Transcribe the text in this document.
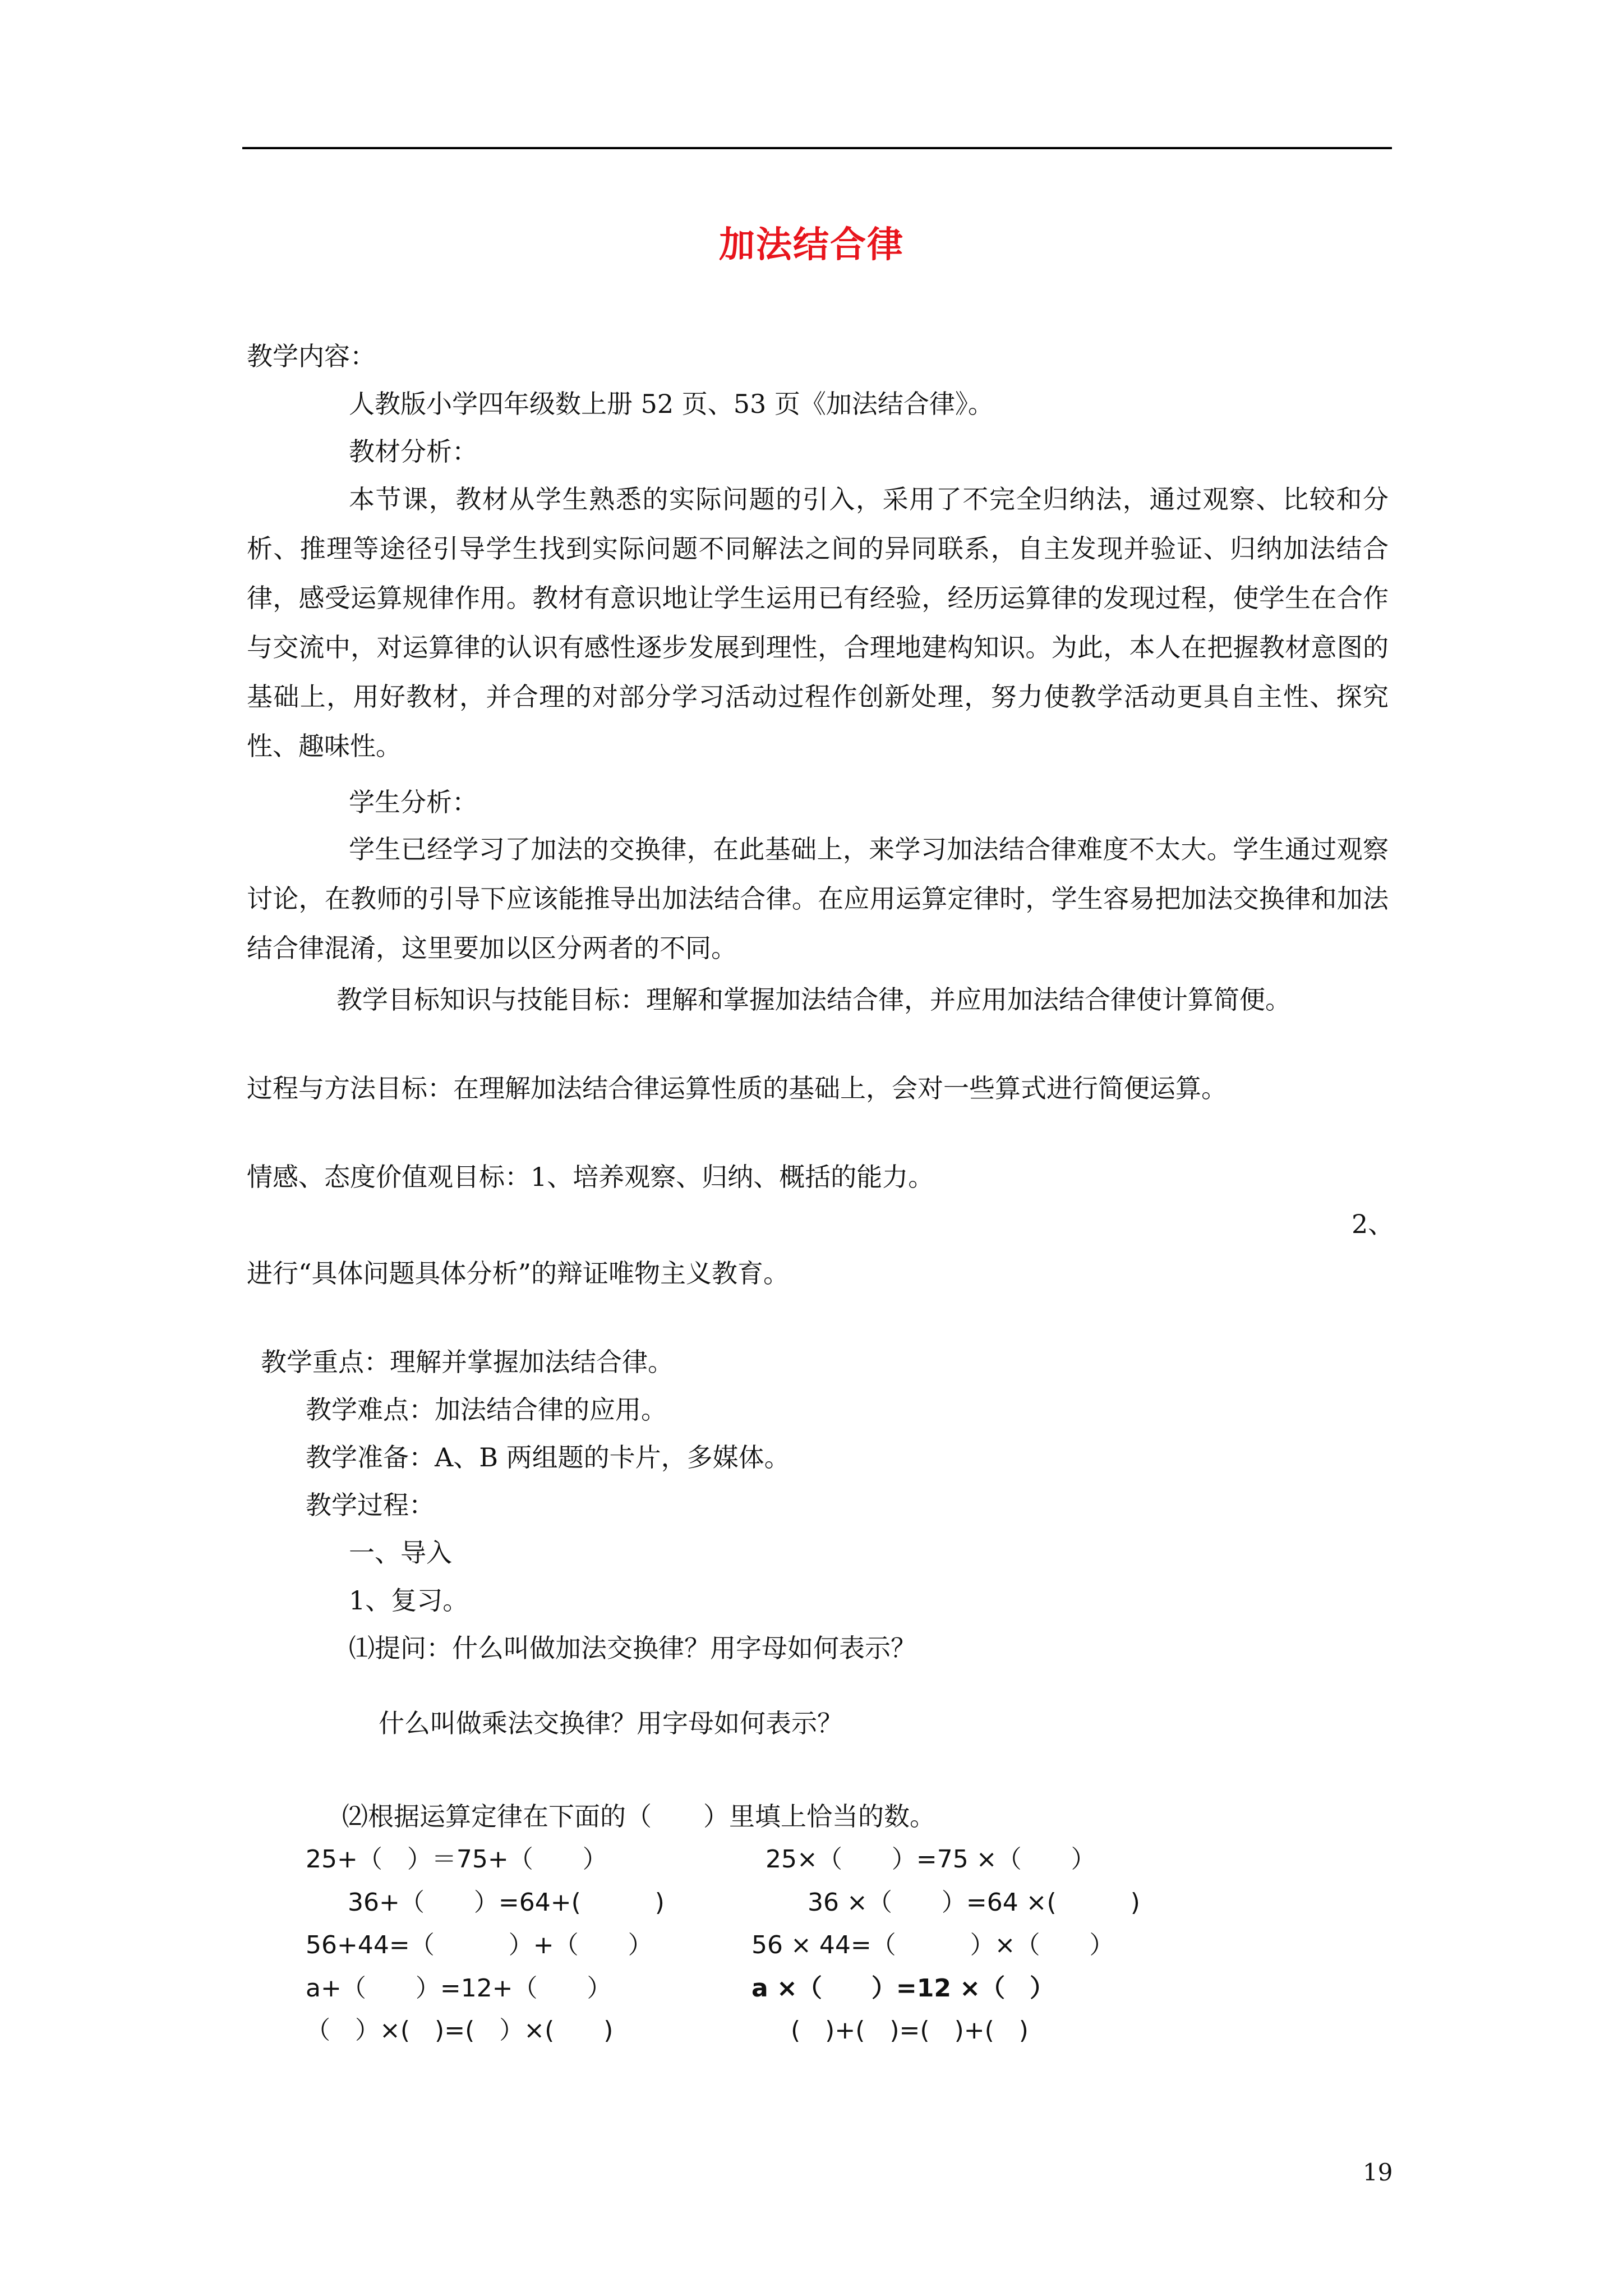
加法结合律
教学内容：
人教版小学四年级数上册 52 页、53 页《加法结合律》。
教材分析：
本节课，教材从学生熟悉的实际问题的引入，采用了不完全归纳法，通过观察、比较和分析、推理等途径引导学生找到实际问题不同解法之间的异同联系，自主发现并验证、归纳加法结合律，感受运算规律作用。教材有意识地让学生运用已有经验，经历运算律的发现过程，使学生在合作与交流中，对运算律的认识有感性逐步发展到理性，合理地建构知识。为此，本人在把握教材意图的基础上，用好教材，并合理的对部分学习活动过程作创新处理，努力使教学活动更具自主性、探究性、趣味性。
学生分析：
学生已经学习了加法的交换律，在此基础上，来学习加法结合律难度不太大。学生通过观察讨论，在教师的引导下应该能推导出加法结合律。在应用运算定律时，学生容易把加法交换律和加法结合律混淆，这里要加以区分两者的不同。
教学目标知识与技能目标：理解和掌握加法结合律，并应用加法结合律使计算简便。
过程与方法目标：在理解加法结合律运算性质的基础上，会对一些算式进行简便运算。
情感、态度价值观目标：1、培养观察、归纳、概括的能力。
2、
进行“具体问题具体分析”的辩证唯物主义教育。
教学重点：理解并掌握加法结合律。
教学难点：加法结合律的应用。
教学准备：A、B 两组题的卡片，多媒体。
教学过程：
一、导入
1、复习。
⑴提问：什么叫做加法交换律？用字母如何表示？
什么叫做乘法交换律？用字母如何表示？
⑵根据运算定律在下面的（　　）里填上恰当的数。
25+（　）＝75+（　　）	25×（　　）=75 ×（　　）
36+（　　）=64+(　　　)	36 ×（　　）=64 ×(　　　)
56+44=（　　　）+（　　）	56 × 44=（　　　）×（　　）
a+（　　）=12+（　　）	a ×（　　）=12 ×（　）
（　）×(　)=(　）×(　　)	(　)+(　)=(　)+(　)
19
